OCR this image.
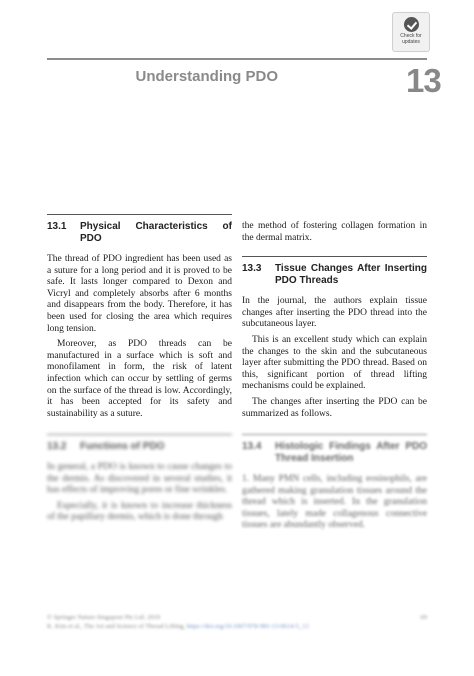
Check for updates
Understanding PDO	13
13.1	Physical Characteristics of PDO

The thread of PDO ingredient has been used as a suture for a long period and it is proved to be safe. It lasts longer compared to Dexon and Vicryl and completely absorbs after 6 months and disappears from the body. Therefore, it has been used for closing the area which requires long tension.

Moreover, as PDO threads can be manufactured in a surface which is soft and monofilament in form, the risk of latent infection which can occur by settling of germs on the surface of the thread is low. Accordingly, it has been accepted for its safety and sustainability as a suture.

the method of fostering collagen formation in the dermal matrix.

13.3	Tissue Changes After Inserting PDO Threads

In the journal, the authors explain tissue changes after inserting the PDO thread into the subcutaneous layer.

This is an excellent study which can explain the changes to the skin and the subcutaneous layer after submitting the PDO thread. Based on this, significant portion of thread lifting mechanisms could be explained.

The changes after inserting the PDO can be summarized as follows.

13.2	Functions of PDO

In general, a PDO is known to cause changes to the dermis. As discovered in several studies, it has effects of improving pores or fine wrinkles.

Especially, it is known to increase thickness of the papillary dermis, which is done through

13.4	Histologic Findings After PDO Thread Insertion

1. Many PMN cells, including eosinophils, are gathered making granulation tissues around the thread which is inserted. In the granulation tissues, lately made collagenous connective tissues are abundantly observed.

© Springer Nature Singapore Pte Ltd. 2019
K. Kim et al., The Art and Science of Thread Lifting, https://doi.org/10.1007/978-981-13-0614-5_13
69
